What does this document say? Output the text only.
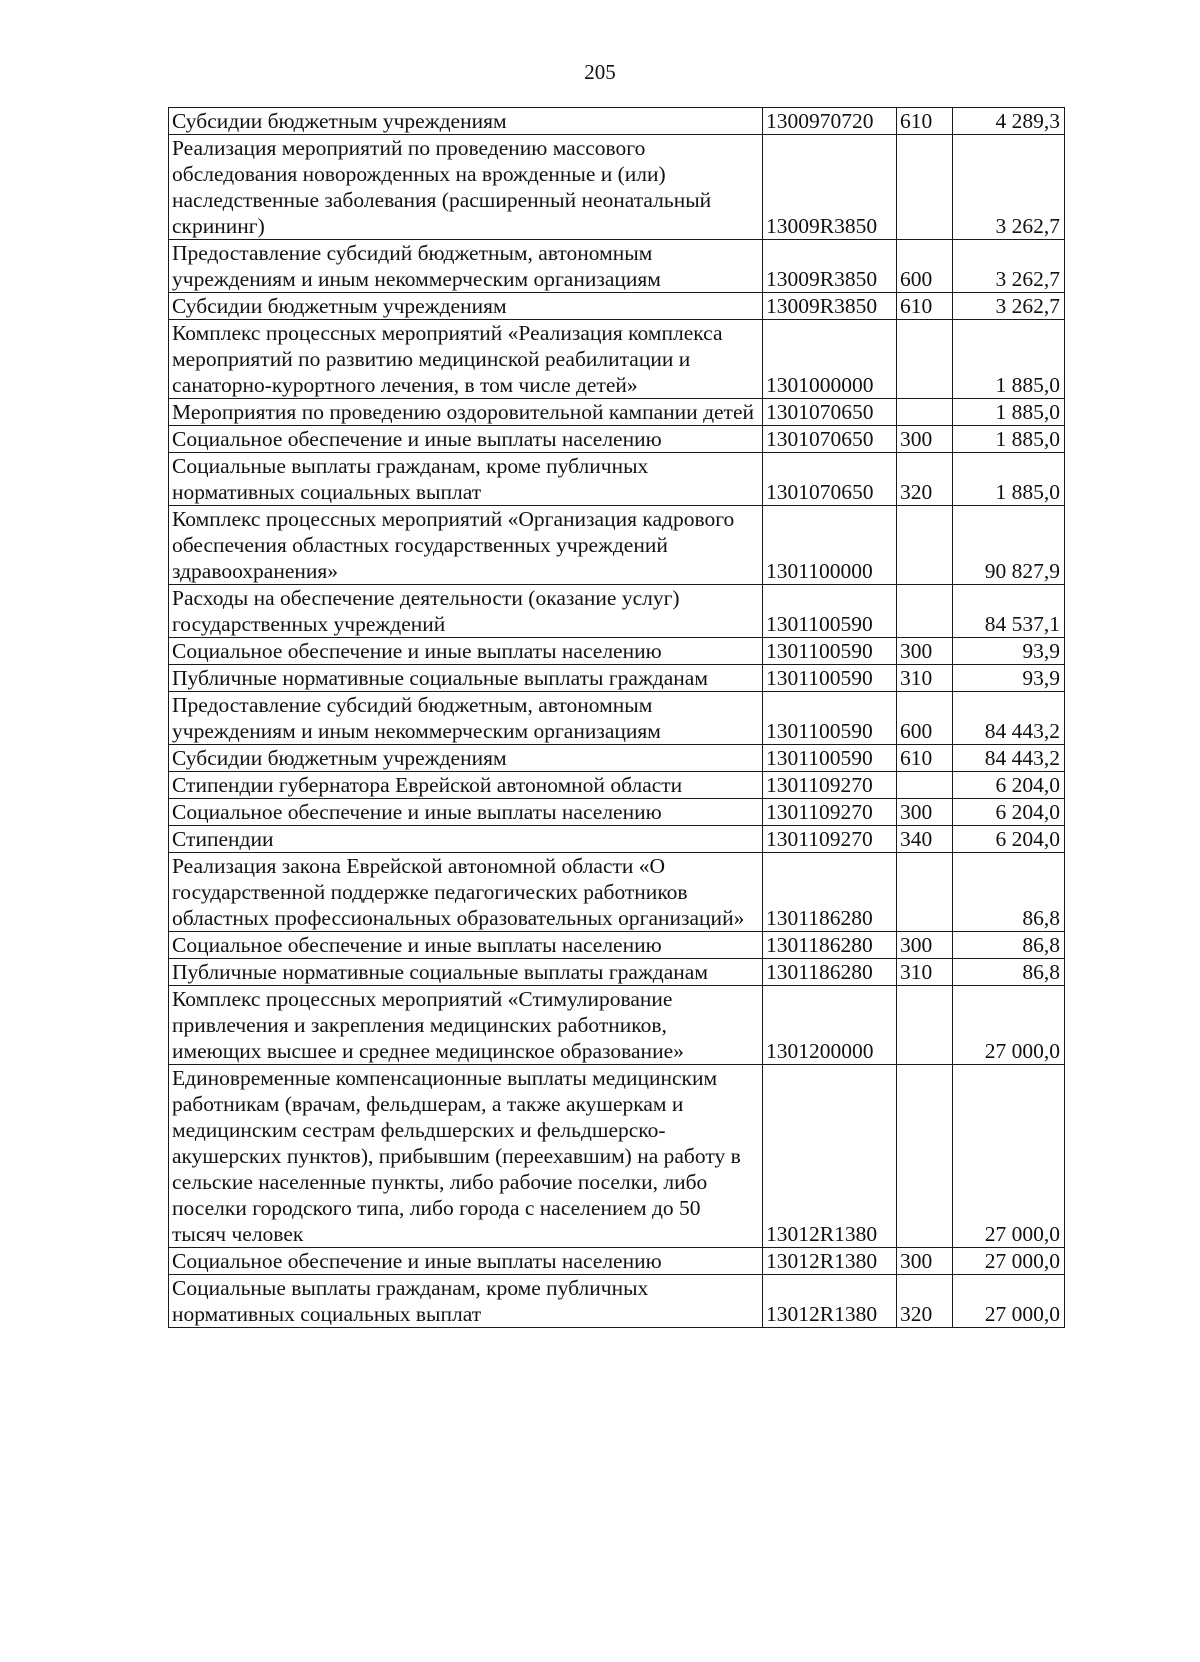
205
Субсидии бюджетным учреждениям	1300970720	610	4 289,3
Реализация мероприятий по проведению массового обследования новорожденных на врожденные и (или) наследственные заболевания (расширенный неонатальный скрининг)	13009R3850		3 262,7
Предоставление субсидий бюджетным, автономным учреждениям и иным некоммерческим организациям	13009R3850	600	3 262,7
Субсидии бюджетным учреждениям	13009R3850	610	3 262,7
Комплекс процессных мероприятий «Реализация комплекса мероприятий по развитию медицинской реабилитации и санаторно-курортного лечения, в том числе детей»	1301000000		1 885,0
Мероприятия по проведению оздоровительной кампании детей	1301070650		1 885,0
Социальное обеспечение и иные выплаты населению	1301070650	300	1 885,0
Социальные выплаты гражданам, кроме публичных нормативных социальных выплат	1301070650	320	1 885,0
Комплекс процессных мероприятий «Организация кадрового обеспечения областных государственных учреждений здравоохранения»	1301100000		90 827,9
Расходы на обеспечение деятельности (оказание услуг) государственных учреждений	1301100590		84 537,1
Социальное обеспечение и иные выплаты населению	1301100590	300	93,9
Публичные нормативные социальные выплаты гражданам	1301100590	310	93,9
Предоставление субсидий бюджетным, автономным учреждениям и иным некоммерческим организациям	1301100590	600	84 443,2
Субсидии бюджетным учреждениям	1301100590	610	84 443,2
Стипендии губернатора Еврейской автономной области	1301109270		6 204,0
Социальное обеспечение и иные выплаты населению	1301109270	300	6 204,0
Стипендии	1301109270	340	6 204,0
Реализация закона Еврейской автономной области «О государственной поддержке педагогических работников областных профессиональных образовательных организаций»	1301186280		86,8
Социальное обеспечение и иные выплаты населению	1301186280	300	86,8
Публичные нормативные социальные выплаты гражданам	1301186280	310	86,8
Комплекс процессных мероприятий «Стимулирование привлечения и закрепления медицинских работников, имеющих высшее и среднее медицинское образование»	1301200000		27 000,0
Единовременные компенсационные выплаты медицинским работникам (врачам, фельдшерам, а также акушеркам и медицинским сестрам фельдшерских и фельдшерско-акушерских пунктов), прибывшим (переехавшим) на работу в сельские населенные пункты, либо рабочие поселки, либо поселки городского типа, либо города с населением до 50 тысяч человек	13012R1380		27 000,0
Социальное обеспечение и иные выплаты населению	13012R1380	300	27 000,0
Социальные выплаты гражданам, кроме публичных нормативных социальных выплат	13012R1380	320	27 000,0
